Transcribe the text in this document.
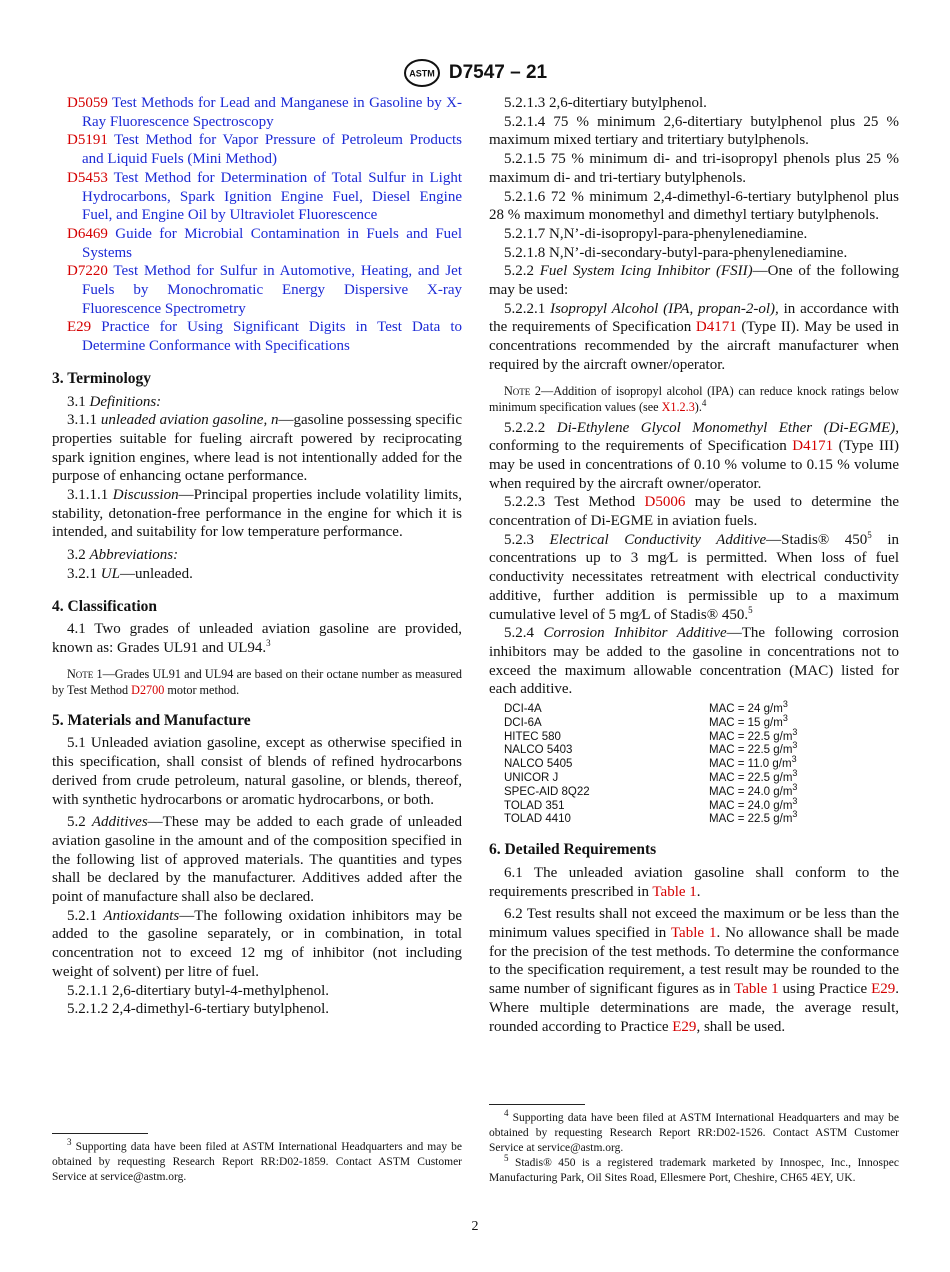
ASTM D7547 – 21

D5059 Test Methods for Lead and Manganese in Gasoline by X-Ray Fluorescence Spectroscopy

D5191 Test Method for Vapor Pressure of Petroleum Products and Liquid Fuels (Mini Method)

D5453 Test Method for Determination of Total Sulfur in Light Hydrocarbons, Spark Ignition Engine Fuel, Diesel Engine Fuel, and Engine Oil by Ultraviolet Fluorescence

D6469 Guide for Microbial Contamination in Fuels and Fuel Systems

D7220 Test Method for Sulfur in Automotive, Heating, and Jet Fuels by Monochromatic Energy Dispersive X-ray Fluorescence Spectrometry

E29 Practice for Using Significant Digits in Test Data to Determine Conformance with Specifications

3. Terminology

3.1 Definitions:

3.1.1 unleaded aviation gasoline, n—gasoline possessing specific properties suitable for fueling aircraft powered by reciprocating spark ignition engines, where lead is not intentionally added for the purpose of enhancing octane performance.

3.1.1.1 Discussion—Principal properties include volatility limits, stability, detonation-free performance in the engine for which it is intended, and suitability for low temperature performance.

3.2 Abbreviations:

3.2.1 UL—unleaded.

4. Classification

4.1 Two grades of unleaded aviation gasoline are provided, known as: Grades UL91 and UL94.$^3$

Note 1—Grades UL91 and UL94 are based on their octane number as measured by Test Method D2700 motor method.

5. Materials and Manufacture

5.1 Unleaded aviation gasoline, except as otherwise specified in this specification, shall consist of blends of refined hydrocarbons derived from crude petroleum, natural gasoline, or blends, thereof, with synthetic hydrocarbons or aromatic hydrocarbons, or both.

5.2 Additives—These may be added to each grade of unleaded aviation gasoline in the amount and of the composition specified in the following list of approved materials. The quantities and types shall be declared by the manufacturer. Additives added after the point of manufacture shall also be declared.

5.2.1 Antioxidants—The following oxidation inhibitors may be added to the gasoline separately, or in combination, in total concentration not to exceed 12 mg of inhibitor (not including weight of solvent) per litre of fuel.

5.2.1.1 2,6-ditertiary butyl-4-methylphenol.

5.2.1.2 2,4-dimethyl-6-tertiary butylphenol.

5.2.1.3 2,6-ditertiary butylphenol.

5.2.1.4 75 % minimum 2,6-ditertiary butylphenol plus 25 % maximum mixed tertiary and tritertiary butylphenols.

5.2.1.5 75 % minimum di- and tri-isopropyl phenols plus 25 % maximum di- and tri-tertiary butylphenols.

5.2.1.6 72 % minimum 2,4-dimethyl-6-tertiary butylphenol plus 28 % maximum monomethyl and dimethyl tertiary butylphenols.

5.2.1.7 N,N’-di-isopropyl-para-phenylenediamine.

5.2.1.8 N,N’-di-secondary-butyl-para-phenylenediamine.

5.2.2 Fuel System Icing Inhibitor (FSII)—One of the following may be used:

5.2.2.1 Isopropyl Alcohol (IPA, propan-2-ol), in accordance with the requirements of Specification D4171 (Type II). May be used in concentrations recommended by the aircraft manufacturer when required by the aircraft owner/operator.

Note 2—Addition of isopropyl alcohol (IPA) can reduce knock ratings below minimum specification values (see X1.2.3).$^4$

5.2.2.2 Di-Ethylene Glycol Monomethyl Ether (Di-EGME), conforming to the requirements of Specification D4171 (Type III) may be used in concentrations of 0.10 % volume to 0.15 % volume when required by the aircraft owner/operator.

5.2.2.3 Test Method D5006 may be used to determine the concentration of Di-EGME in aviation fuels.

5.2.3 Electrical Conductivity Additive—Stadis® $450^5$ in concentrations up to 3 mg⁄L is permitted. When loss of fuel conductivity necessitates retreatment with electrical conductivity additive, further addition is permissible up to a maximum cumulative level of 5 mg⁄L of Stadis® 450.$^5$

5.2.4 Corrosion Inhibitor Additive—The following corrosion inhibitors may be added to the gasoline in concentrations not to exceed the maximum allowable concentration (MAC) listed for each additive.

DCI-4A	MAC = 24 $g/m^3$
DCI-6A	MAC = 15 $g/m^3$
HITEC 580	MAC = 22.5 $g/m^3$
NALCO 5403	MAC = 22.5 $g/m^3$
NALCO 5405	MAC = 11.0 $g/m^3$
UNICOR J	MAC = 22.5 $g/m^3$
SPEC-AID 8Q22	MAC = 24.0 $g/m^3$
TOLAD 351	MAC = 24.0 $g/m^3$
TOLAD 4410	MAC = 22.5 $g/m^3$
6. Detailed Requirements

6.1 The unleaded aviation gasoline shall conform to the requirements prescribed in Table 1.

6.2 Test results shall not exceed the maximum or be less than the minimum values specified in Table 1. No allowance shall be made for the precision of the test methods. To determine the conformance to the specification requirement, a test result may be rounded to the same number of significant figures as in Table 1 using Practice E29. Where multiple determinations are made, the average result, rounded according to Practice E29, shall be used.

$^3$ Supporting data have been filed at ASTM International Headquarters and may be obtained by requesting Research Report RR:D02-1859. Contact ASTM Customer Service at service@astm.org.

$^4$ Supporting data have been filed at ASTM International Headquarters and may be obtained by requesting Research Report RR:D02-1526. Contact ASTM Customer Service at service@astm.org.

$^5$ Stadis® 450 is a registered trademark marketed by Innospec, Inc., Innospec Manufacturing Park, Oil Sites Road, Ellesmere Port, Cheshire, CH65 4EY, UK.

2
